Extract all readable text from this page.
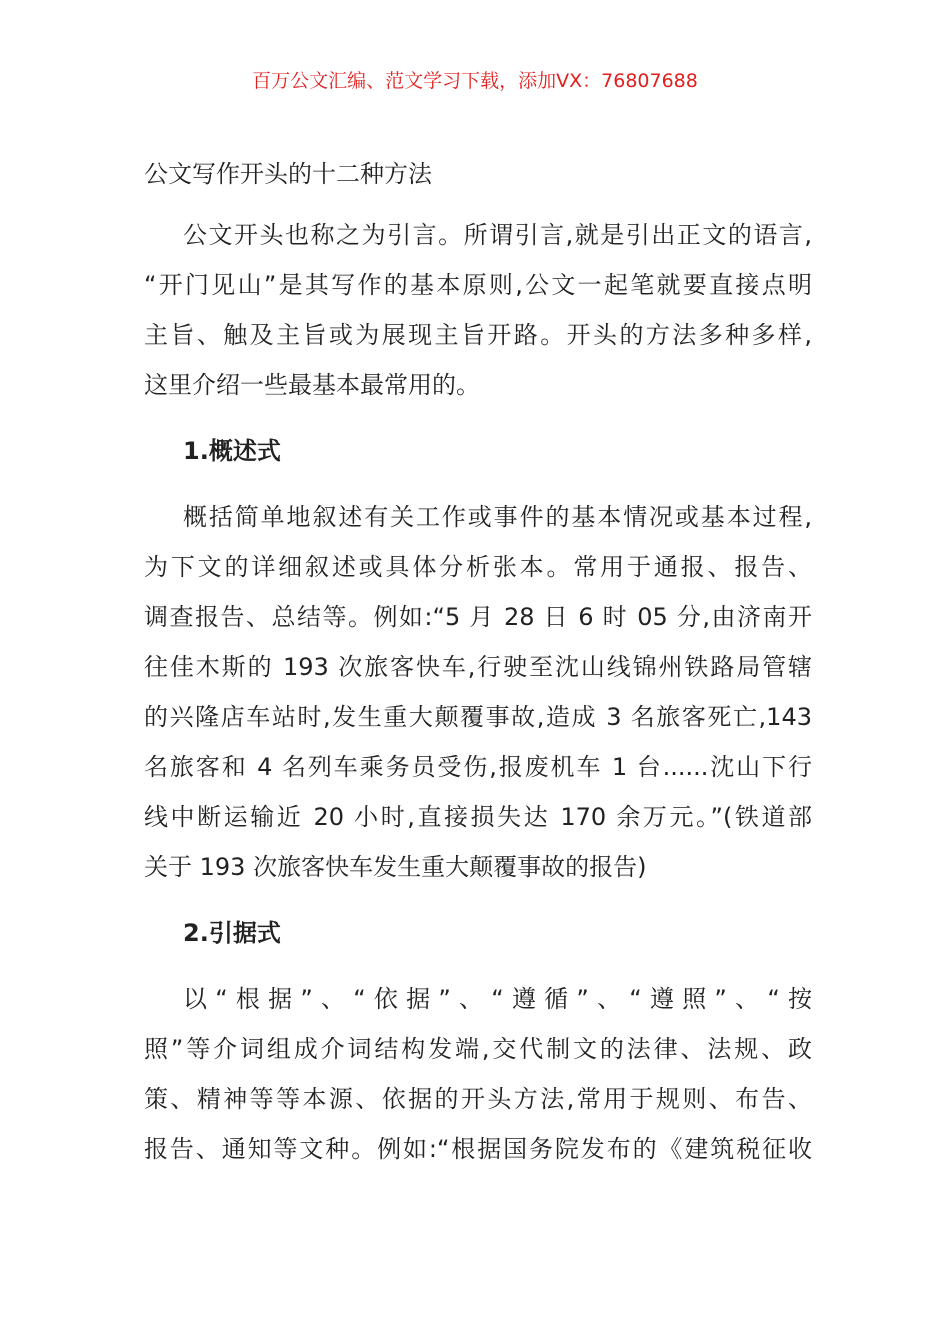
百万公文汇编、范文学习下载，添加VX：76807688
公文写作开头的十二种方法

公文开头也称之为引言。所谓引言,就是引出正文的语言,
“开门见山”是其写作的基本原则,公文一起笔就要直接点明
主旨、触及主旨或为展现主旨开路。开头的方法多种多样,
这里介绍一些最基本最常用的。

1.概述式

概括简单地叙述有关工作或事件的基本情况或基本过程,
为下文的详细叙述或具体分析张本。常用于通报、报告、
调查报告、总结等。例如:“5 月 28 日 6 时 05 分,由济南开
往佳木斯的 193 次旅客快车,行驶至沈山线锦州铁路局管辖
的兴隆店车站时,发生重大颠覆事故,造成 3 名旅客死亡,143
名旅客和 4 名列车乘务员受伤,报废机车 1 台......沈山下行
线中断运输近 20 小时,直接损失达 170 余万元。”(铁道部
关于 193 次旅客快车发生重大颠覆事故的报告)

2.引据式

以“根据”、“依据”、“遵循”、“遵照”、“按
照”等介词组成介词结构发端,交代制文的法律、法规、政
策、精神等等本源、依据的开头方法,常用于规则、布告、
报告、通知等文种。例如:“根据国务院发布的《建筑税征收
